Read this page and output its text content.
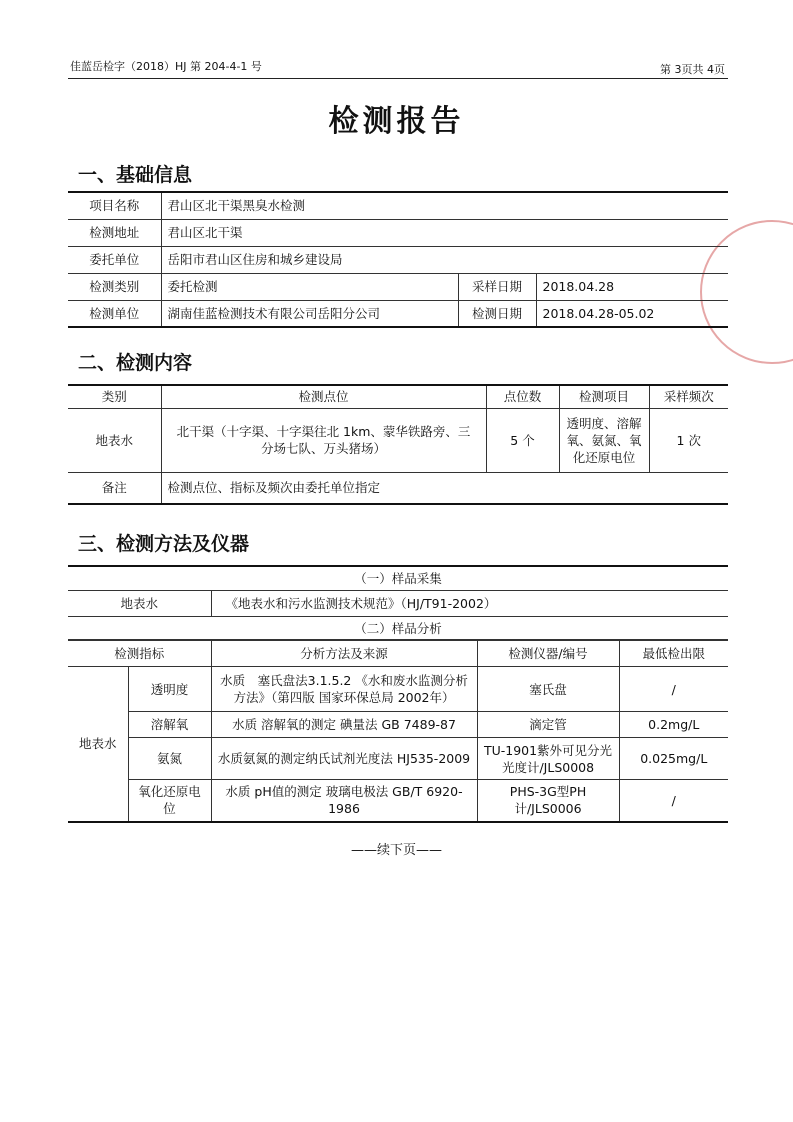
佳蓝岳检字（2018）HJ 第 204-4-1 号	第 3页共 4页
检测报告
一、基础信息
项目名称	君山区北干渠黑臭水检测		
检测地址	君山区北干渠		
委托单位	岳阳市君山区住房和城乡建设局		
检测类别	委托检测	采样日期	2018.04.28
检测单位	湖南佳蓝检测技术有限公司岳阳分公司	检测日期	2018.04.28-05.02
二、检测内容
类别	检测点位	点位数	检测项目	采样频次
地表水	北干渠（十字渠、十字渠往北 1km、蒙华铁路旁、三分场七队、万头猪场）	5 个	透明度、溶解氧、氨氮、氧化还原电位	1 次
备注	检测点位、指标及频次由委托单位指定			
三、检测方法及仪器
（一）样品采集
地表水	《地表水和污水监测技术规范》（HJ/T91-2002）
（二）样品分析
检测指标		分析方法及来源	检测仪器/编号	最低检出限
地表水	透明度	水质　塞氏盘法3.1.5.2 《水和废水监测分析方法》（第四版 国家环保总局 2002年）	塞氏盘	/
	溶解氧	水质 溶解氧的测定 碘量法 GB 7489-87	滴定管	0.2mg/L
	氨氮	水质氨氮的测定纳氏试剂光度法 HJ535-2009	TU-1901紫外可见分光光度计/JLS0008	0.025mg/L
	氧化还原电位	水质 pH值的测定 玻璃电极法 GB/T 6920-1986	PHS-3G型PH计/JLS0006	/
——续下页——
